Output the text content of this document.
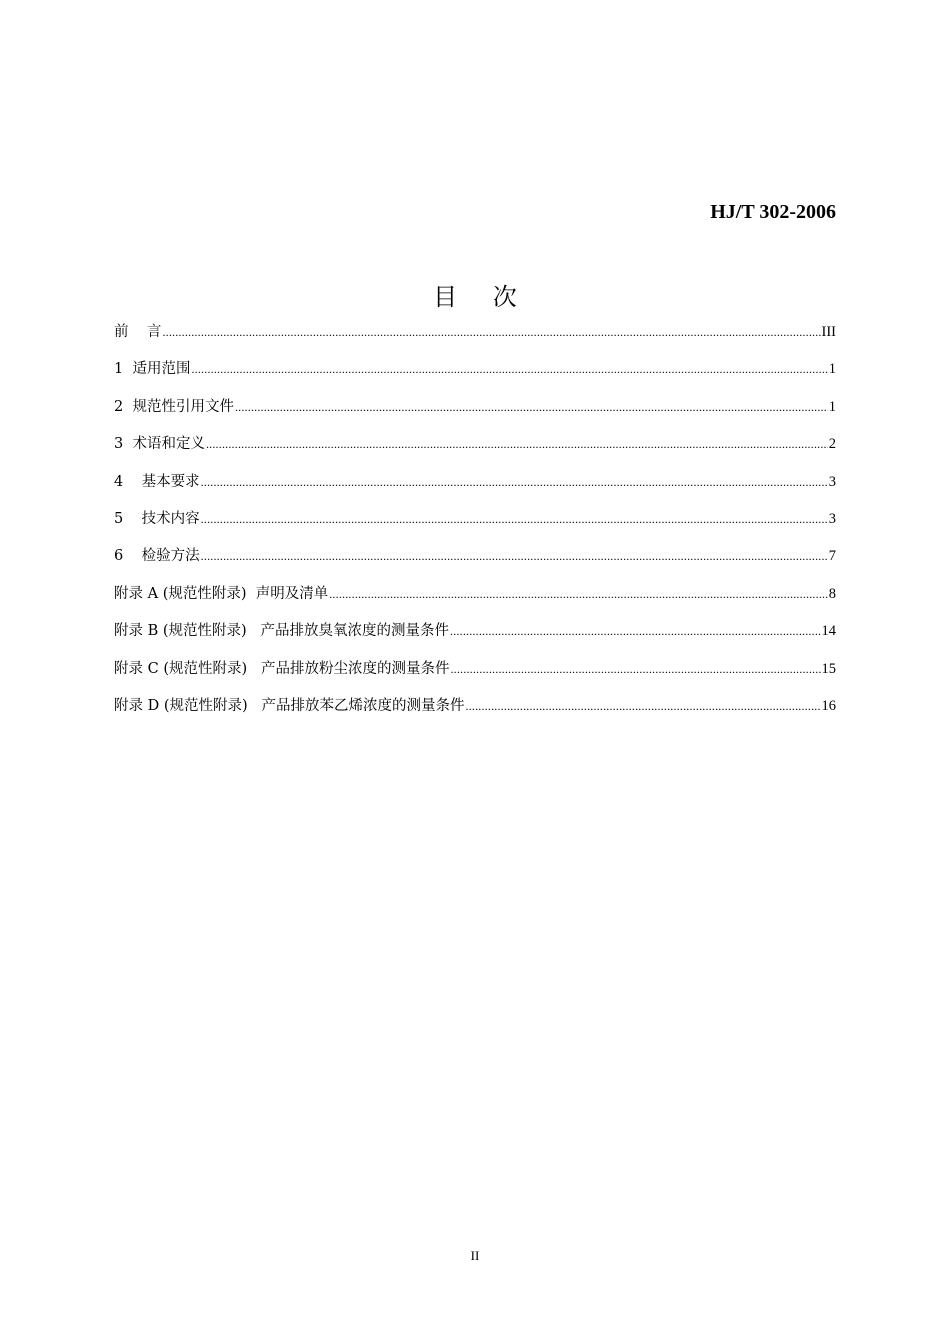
HJ/T 302-2006
目 次
前    言 .....	III
1  适用范围 .....	1
2  规范性引用文件 .....	1
3  术语和定义 .....	2
4    基本要求 .....	3
5    技术内容 .....	3
6    检验方法 .....	7
附录 A (规范性附录)  声明及清单 .....	8
附录 B (规范性附录)   产品排放臭氧浓度的测量条件 .....	14
附录 C (规范性附录)   产品排放粉尘浓度的测量条件 .....	15
附录 D (规范性附录)   产品排放苯乙烯浓度的测量条件 .....	16
II
